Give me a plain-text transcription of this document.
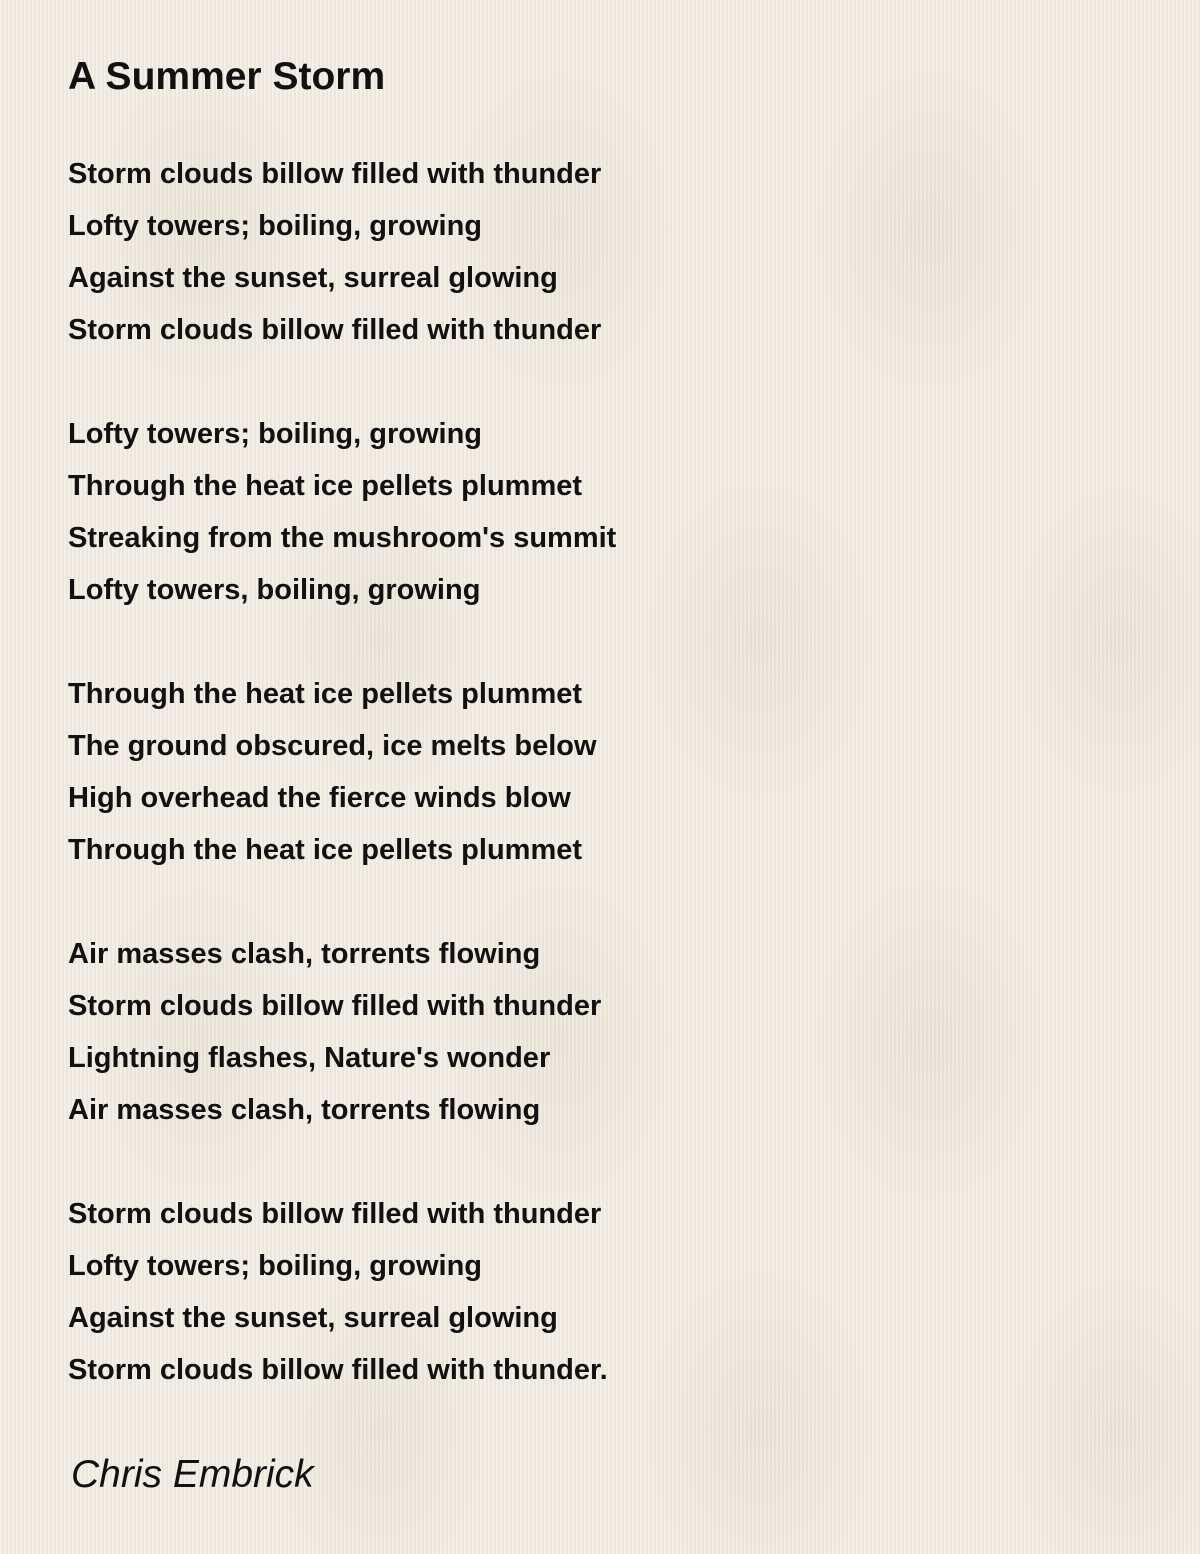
A Summer Storm
Storm clouds billow filled with thunder
Lofty towers; boiling, growing
Against the sunset, surreal glowing
Storm clouds billow filled with thunder
Lofty towers; boiling, growing
Through the heat ice pellets plummet
Streaking from the mushroom's summit
Lofty towers, boiling, growing
Through the heat ice pellets plummet
The ground obscured, ice melts below
High overhead the fierce winds blow
Through the heat ice pellets plummet
Air masses clash, torrents flowing
Storm clouds billow filled with thunder
Lightning flashes, Nature's wonder
Air masses clash, torrents flowing
Storm clouds billow filled with thunder
Lofty towers; boiling, growing
Against the sunset, surreal glowing
Storm clouds billow filled with thunder.
Chris Embrick
